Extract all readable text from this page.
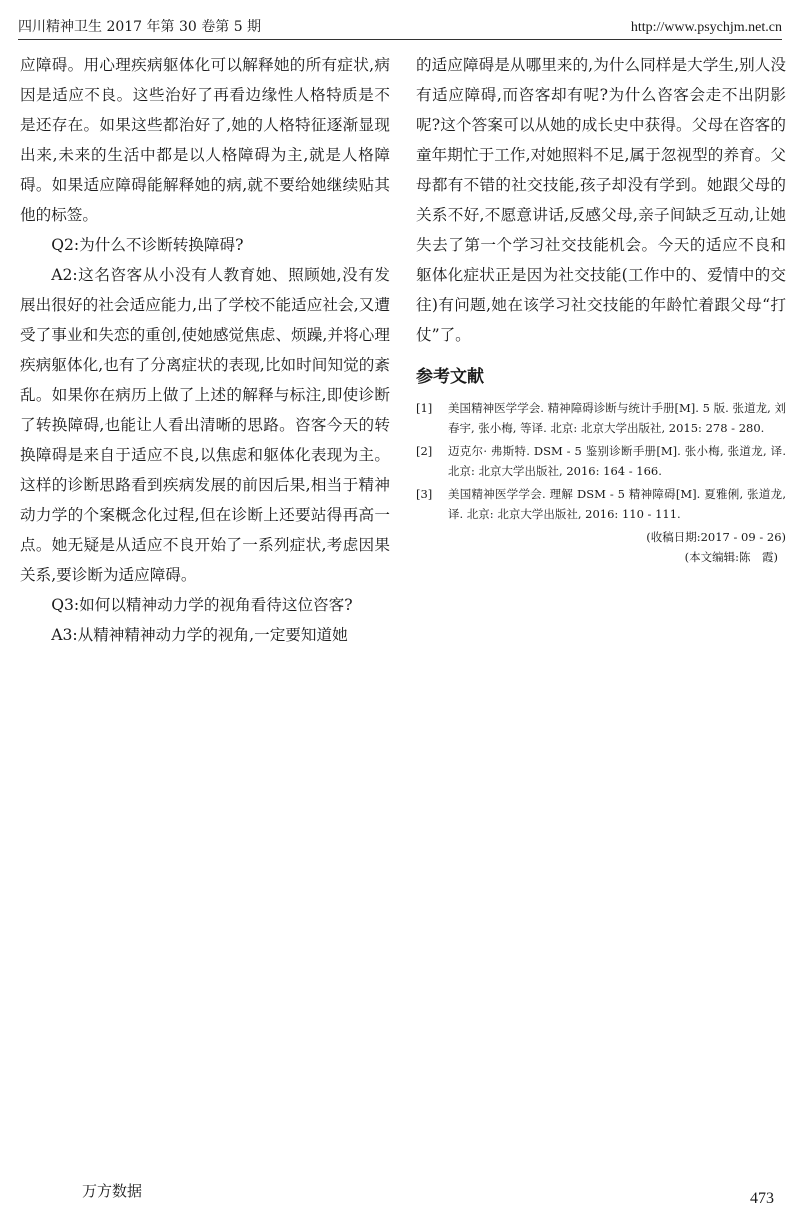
四川精神卫生 2017 年第 30 卷第 5 期	http://www.psychjm.net.cn

应障碍。用心理疾病躯体化可以解释她的所有症状,病因是适应不良。这些治好了再看边缘性人格特质是不是还存在。如果这些都治好了,她的人格特征逐渐显现出来,未来的生活中都是以人格障碍为主,就是人格障碍。如果适应障碍能解释她的病,就不要给她继续贴其他的标签。

Q2:为什么不诊断转换障碍?

A2:这名咨客从小没有人教育她、照顾她,没有发展出很好的社会适应能力,出了学校不能适应社会,又遭受了事业和失恋的重创,使她感觉焦虑、烦躁,并将心理疾病躯体化,也有了分离症状的表现,比如时间知觉的紊乱。如果你在病历上做了上述的解释与标注,即使诊断了转换障碍,也能让人看出清晰的思路。咨客今天的转换障碍是来自于适应不良,以焦虑和躯体化表现为主。这样的诊断思路看到疾病发展的前因后果,相当于精神动力学的个案概念化过程,但在诊断上还要站得再高一点。她无疑是从适应不良开始了一系列症状,考虑因果关系,要诊断为适应障碍。

Q3:如何以精神动力学的视角看待这位咨客?

A3:从精神精神动力学的视角,一定要知道她

的适应障碍是从哪里来的,为什么同样是大学生,别人没有适应障碍,而咨客却有呢?为什么咨客会走不出阴影呢?这个答案可以从她的成长史中获得。父母在咨客的童年期忙于工作,对她照料不足,属于忽视型的养育。父母都有不错的社交技能,孩子却没有学到。她跟父母的关系不好,不愿意讲话,反感父母,亲子间缺乏互动,让她失去了第一个学习社交技能机会。今天的适应不良和躯体化症状正是因为社交技能(工作中的、爱情中的交往)有问题,她在该学习社交技能的年龄忙着跟父母“打仗”了。

参考文献
[1]	美国精神医学学会. 精神障碍诊断与统计手册[M]. 5 版. 张道龙, 刘春宇, 张小梅, 等译. 北京: 北京大学出版社, 2015: 278 - 280.
[2]	迈克尔· 弗斯特. DSM - 5 鉴别诊断手册[M]. 张小梅, 张道龙, 译. 北京: 北京大学出版社, 2016: 164 - 166.
[3]	美国精神医学学会. 理解 DSM - 5 精神障碍[M]. 夏雅俐, 张道龙, 译. 北京: 北京大学出版社, 2016: 110 - 111.
(收稿日期:2017 - 09 - 26)
(本文编辑:陈　霞)
万方数据	473
